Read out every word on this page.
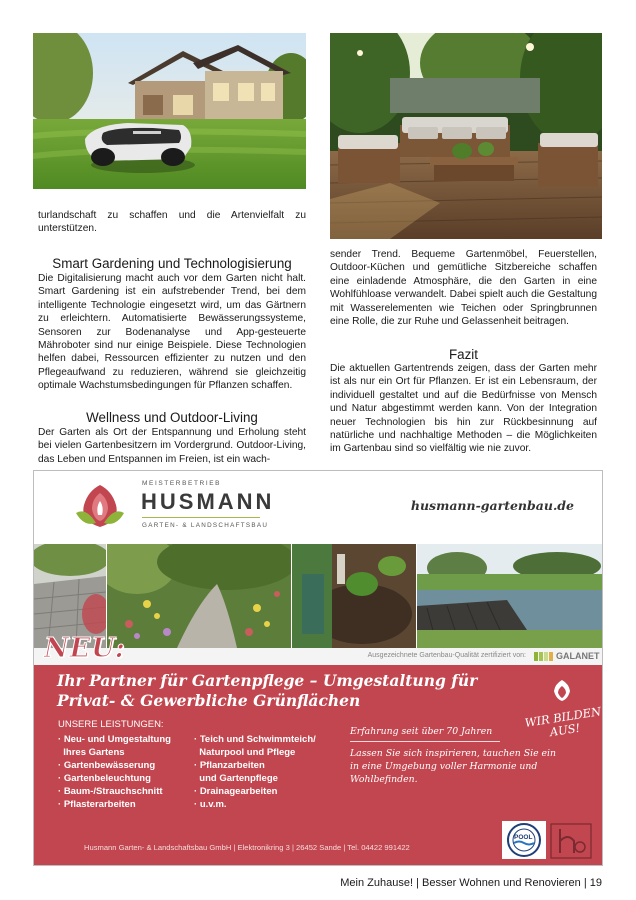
turlandschaft zu schaffen und die Artenvielfalt zu unterstützen.
Smart Gardening und Technologisierung
Die Digitalisierung macht auch vor dem Garten nicht halt. Smart Gardening ist ein aufstrebender Trend, bei dem intelligente Technologie eingesetzt wird, um das Gärtnern zu erleichtern. Automatisierte Bewässerungssysteme, Sensoren zur Bodenanalyse und App-gesteuerte Mähroboter sind nur einige Beispiele. Diese Technologien helfen dabei, Ressourcen effizienter zu nutzen und den Pflegeaufwand zu reduzieren, während sie gleichzeitig optimale Wachstumsbedingungen für Pflanzen schaffen.
Wellness und Outdoor-Living
Der Garten als Ort der Entspannung und Erholung steht bei vielen Gartenbesitzern im Vordergrund. Outdoor-Living, das Leben und Entspannen im Freien, ist ein wach-
Fazit
Die aktuellen Gartentrends zeigen, dass der Garten mehr ist als nur ein Ort für Pflanzen. Er ist ein Lebensraum, der individuell gestaltet und auf die Bedürfnisse von Mensch und Natur abgestimmt werden kann. Von der Integration neuer Technologien bis hin zur Rückbesinnung auf natürliche und nachhaltige Methoden – die Möglichkeiten im Gartenbau sind so vielfältig wie nie zuvor.
MEISTERBETRIEB
HUSMANN
GARTEN- & LANDSCHAFTSBAU
husmann-gartenbau.de
NEU:	Ausgezeichnete Gartenbau-Qualität zertifiziert von:	GALANET
Ihr Partner für Gartenpflege – Umgestaltung für Privat- & Gewerbliche Grünflächen
UNSERE LEISTUNGEN:
· Neu- und Umgestaltung
Ihres Gartens
· Gartenbewässerung
· Gartenbeleuchtung
· Baum-/Strauchschnitt
· Pflasterarbeiten
· Teich und Schwimmteich/
Naturpool und Pflege
· Pflanzarbeiten
und Gartenpflege
· Drainagearbeiten
· u.v.m.
Erfahrung seit über 70 Jahren
Lassen Sie sich inspirieren, tauchen Sie ein in eine Umgebung voller Harmonie und Wohlbefinden.
WIR BILDEN AUS!
Husmann Garten- & Landschaftsbau GmbH | Elektronikring 3 | 26452 Sande | Tel. 04422 991422
POOL
Mein Zuhause! | Besser Wohnen und Renovieren | 19
sender Trend. Bequeme Gartenmöbel, Feuerstellen, Outdoor-Küchen und gemütliche Sitzbereiche schaffen eine einladende Atmosphäre, die den Garten in eine Wohlfühloase verwandelt. Dabei spielt auch die Gestaltung mit Wasserelementen wie Teichen oder Springbrunnen eine Rolle, die zur Ruhe und Gelassenheit beitragen.
